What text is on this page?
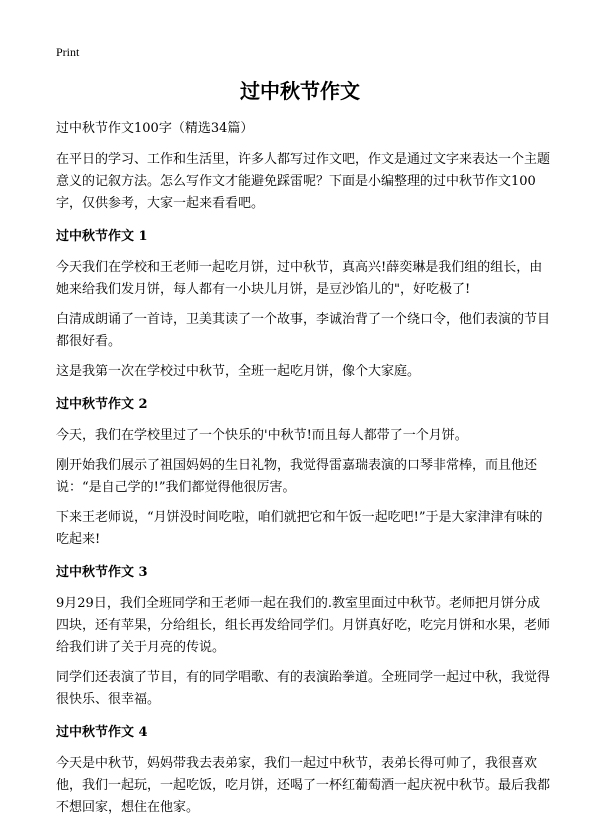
Print
过中秋节作文
过中秋节作文100字（精选34篇）
在平日的学习、工作和生活里，许多人都写过作文吧，作文是通过文字来表达一个主题意义的记叙方法。怎么写作文才能避免踩雷呢？下面是小编整理的过中秋节作文100字，仅供参考，大家一起来看看吧。
过中秋节作文 1
今天我们在学校和王老师一起吃月饼，过中秋节，真高兴!薛奕琳是我们组的组长，由她来给我们发月饼，每人都有一小块儿月饼，是豆沙馅儿的"，好吃极了!
白清成朗诵了一首诗，卫美萁读了一个故事，李诚治背了一个绕口令，他们表演的节目都很好看。
这是我第一次在学校过中秋节，全班一起吃月饼，像个大家庭。
过中秋节作文 2
今天，我们在学校里过了一个快乐的'中秋节!而且每人都带了一个月饼。
刚开始我们展示了祖国妈妈的生日礼物，我觉得雷嘉瑞表演的口琴非常棒，而且他还说：“是自己学的!”我们都觉得他很厉害。
下来王老师说，“月饼没时间吃啦，咱们就把它和午饭一起吃吧!”于是大家津津有味的吃起来!
过中秋节作文 3
9月29日，我们全班同学和王老师一起在我们的.教室里面过中秋节。老师把月饼分成四块，还有苹果，分给组长，组长再发给同学们。月饼真好吃，吃完月饼和水果，老师给我们讲了关于月亮的传说。
同学们还表演了节目，有的同学唱歌、有的表演跆拳道。全班同学一起过中秋，我觉得很快乐、很幸福。
过中秋节作文 4
今天是中秋节，妈妈带我去表弟家，我们一起过中秋节，表弟长得可帅了，我很喜欢他，我们一起玩，一起吃饭，吃月饼，还喝了一杯红葡萄酒一起庆祝中秋节。最后我都不想回家，想住在他家。
